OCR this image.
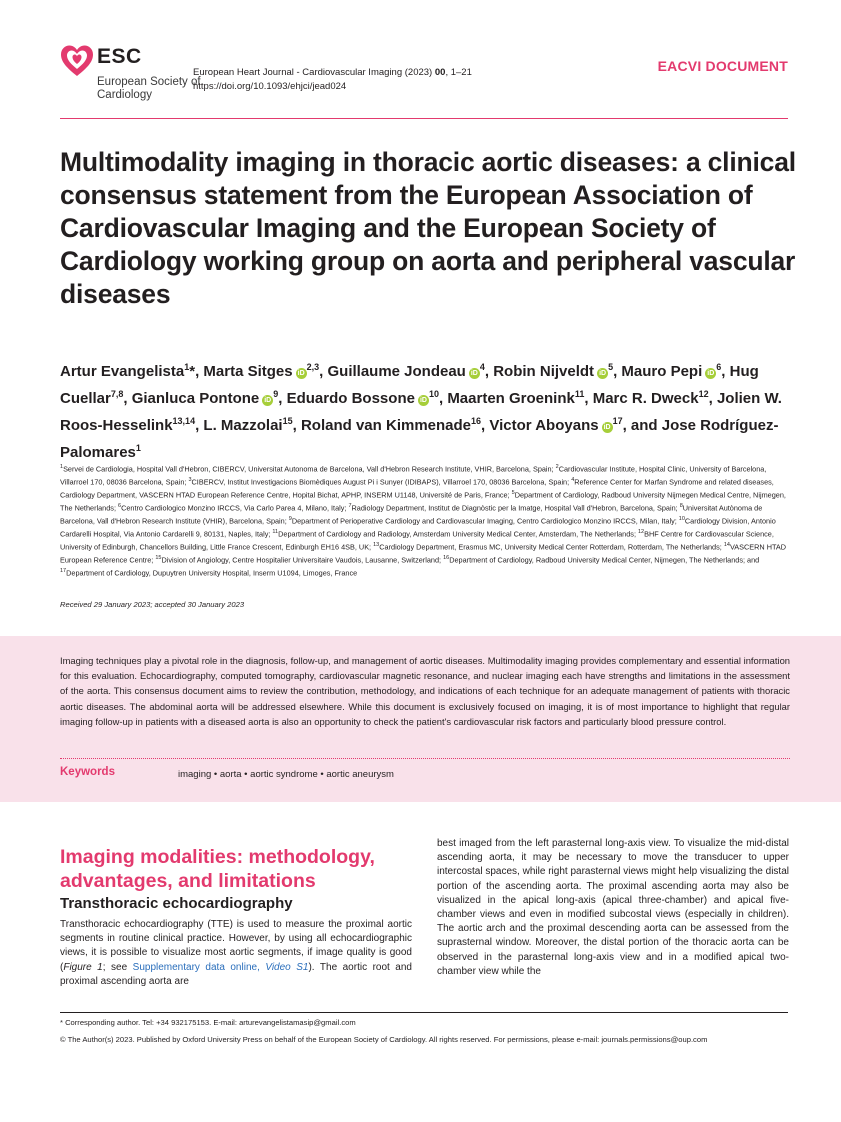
ESC
European Society of Cardiology
European Heart Journal - Cardiovascular Imaging (2023) 00, 1–21
https://doi.org/10.1093/ehjci/jead024
EACVI DOCUMENT
Multimodality imaging in thoracic aortic diseases: a clinical consensus statement from the European Association of Cardiovascular Imaging and the European Society of Cardiology working group on aorta and peripheral vascular diseases
Artur Evangelista$^1$*, Marta Sitges iD$^{2,3}$, Guillaume Jondeau $iD^4$, Robin Nijveldt $iD^5$, Mauro Pepi $iD^6$, Hug Cuellar$^{7,8}$, Gianluca Pontone $iD^9$, Eduardo Bossone $iD^{10}$, Maarten Groenink$^{11}$, Marc R. Dweck$^{12}$, Jolien W. Roos-Hesselink$^{13,14}$, L. Mazzolai$^{15}$, Roland van Kimmenade$^{16}$, Victor Aboyans $iD^{17}$, and Jose Rodríguez-Palomares$^1$
$^1$Servei de Cardiologia, Hospital Vall d'Hebron, CIBERCV, Universitat Autonoma de Barcelona, Vall d'Hebron Research Institute, VHIR, Barcelona, Spain; $^2$Cardiovascular Institute, Hospital Clinic, University of Barcelona, Villarroel 170, 08036 Barcelona, Spain; $^3$CIBERCV, Institut Investigacions Biomèdiques August Pi i Sunyer (IDIBAPS), Villarroel 170, 08036 Barcelona, Spain; $^4$Reference Center for Marfan Syndrome and related diseases, Cardiology Department, VASCERN HTAD European Reference Centre, Hopital Bichat, APHP, INSERM U1148, Université de Paris, France; $^5$Department of Cardiology, Radboud University Nijmegen Medical Centre, Nijmegen, The Netherlands; $^6$Centro Cardiologico Monzino IRCCS, Via Carlo Parea 4, Milano, Italy; $^7$Radiology Department, Institut de Diagnòstic per la Imatge, Hospital Vall d'Hebron, Barcelona, Spain; $^8$Universitat Autònoma de Barcelona, Vall d'Hebron Research Institute (VHIR), Barcelona, Spain; $^9$Department of Perioperative Cardiology and Cardiovascular Imaging, Centro Cardiologico Monzino IRCCS, Milan, Italy; $^{10}$Cardiology Division, Antonio Cardarelli Hospital, Via Antonio Cardarelli 9, 80131, Naples, Italy; $^{11}$Department of Cardiology and Radiology, Amsterdam University Medical Center, Amsterdam, The Netherlands; $^{12}$BHF Centre for Cardiovascular Science, University of Edinburgh, Chancellors Building, Little France Crescent, Edinburgh EH16 4SB, UK; $^{13}$Cardiology Department, Erasmus MC, University Medical Center Rotterdam, Rotterdam, The Netherlands; $^{14}$VASCERN HTAD European Reference Centre; $^{15}$Division of Angiology, Centre Hospitalier Universitaire Vaudois, Lausanne, Switzerland; $^{16}$Department of Cardiology, Radboud University Medical Center, Nijmegen, The Netherlands; and $^{17}$Department of Cardiology, Dupuytren University Hospital, Inserm U1094, Limoges, France
Received 29 January 2023; accepted 30 January 2023
Imaging techniques play a pivotal role in the diagnosis, follow-up, and management of aortic diseases. Multimodality imaging provides complementary and essential information for this evaluation. Echocardiography, computed tomography, cardiovascular magnetic resonance, and nuclear imaging each have strengths and limitations in the assessment of the aorta. This consensus document aims to review the contribution, methodology, and indications of each technique for an adequate management of patients with thoracic aortic diseases. The abdominal aorta will be addressed elsewhere. While this document is exclusively focused on imaging, it is of most importance to highlight that regular imaging follow-up in patients with a diseased aorta is also an opportunity to check the patient's cardiovascular risk factors and particularly blood pressure control.
Keywords	imaging • aorta • aortic syndrome • aortic aneurysm
Imaging modalities: methodology, advantages, and limitations
Transthoracic echocardiography
Transthoracic echocardiography (TTE) is used to measure the proximal aortic segments in routine clinical practice. However, by using all echocardiographic views, it is possible to visualize most aortic segments, if image quality is good (Figure 1; see Supplementary data online, Video S1). The aortic root and proximal ascending aorta are
best imaged from the left parasternal long-axis view. To visualize the mid-distal ascending aorta, it may be necessary to move the transducer to upper intercostal spaces, while right parasternal views might help visualizing the distal portion of the ascending aorta. The proximal ascending aorta may also be visualized in the apical long-axis (apical three-chamber) and apical five-chamber views and even in modified subcostal views (especially in children). The aortic arch and the proximal descending aorta can be assessed from the suprasternal window. Moreover, the distal portion of the thoracic aorta can be observed in the parasternal long-axis view and in a modified apical two-chamber view while the
* Corresponding author. Tel: +34 932175153. E-mail: arturevangelistamasip@gmail.com
© The Author(s) 2023. Published by Oxford University Press on behalf of the European Society of Cardiology. All rights reserved. For permissions, please e-mail: journals.permissions@oup.com
